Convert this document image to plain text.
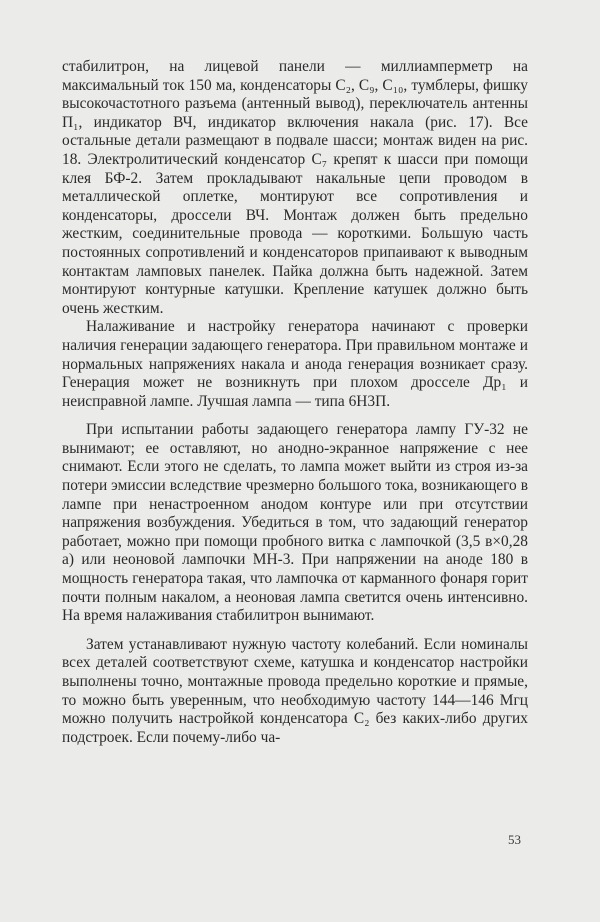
стабилитрон, на лицевой панели — миллиамперметр на максимальный ток 150 ма, конденсаторы C₂, C₉, C₁₀, тумблеры, фишку высокочастотного разъема (антенный вывод), переключатель антенны П₁, индикатор ВЧ, индикатор включения накала (рис. 17). Все остальные детали размещают в подвале шасси; монтаж виден на рис. 18. Электролитический конденсатор C₇ крепят к шасси при помощи клея БФ-2. Затем прокладывают накальные цепи проводом в металлической оплетке, монтируют все сопротивления и конденсаторы, дроссели ВЧ. Монтаж должен быть предельно жестким, соединительные провода — короткими. Большую часть постоянных сопротивлений и конденсаторов припаивают к выводным контактам ламповых панелек. Пайка должна быть надежной. Затем монтируют контурные катушки. Крепление катушек должно быть очень жестким.

Налаживание и настройку генератора начинают с проверки наличия генерации задающего генератора. При правильном монтаже и нормальных напряжениях накала и анода генерация возникает сразу. Генерация может не возникнуть при плохом дросселе Др₁ и неисправной лампе. Лучшая лампа — типа 6Н3П.

При испытании работы задающего генератора лампу ГУ-32 не вынимают; ее оставляют, но анодно-экранное напряжение с нее снимают. Если этого не сделать, то лампа может выйти из строя из-за потери эмиссии вследствие чрезмерно большого тока, возникающего в лампе при ненастроенном анодом контуре или при отсутствии напряжения возбуждения. Убедиться в том, что задающий генератор работает, можно при помощи пробного витка с лампочкой (3,5 в×0,28 а) или неоновой лампочки МН-3. При напряжении на аноде 180 в мощность генератора такая, что лампочка от карманного фонаря горит почти полным накалом, а неоновая лампа светится очень интенсивно. На время налаживания стабилитрон вынимают.

Затем устанавливают нужную частоту колебаний. Если номиналы всех деталей соответствуют схеме, катушка и конденсатор настройки выполнены точно, монтажные провода предельно короткие и прямые, то можно быть уверенным, что необходимую частоту 144—146 Мгц можно получить настройкой конденсатора C₂ без каких-либо других подстроек. Если почему-либо ча-

53
